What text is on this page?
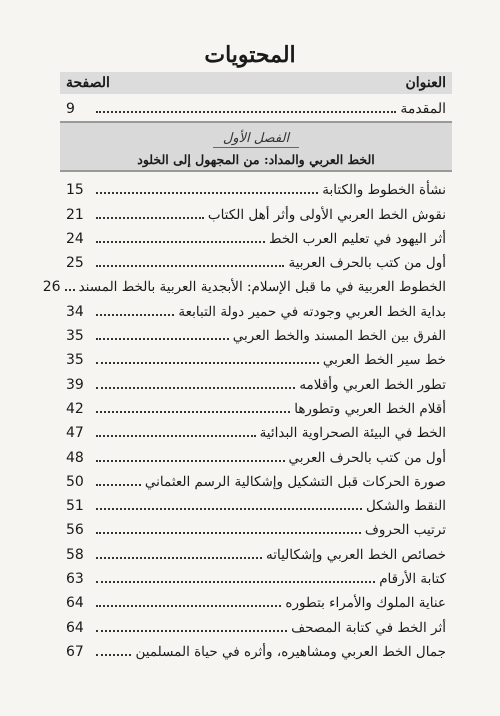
المحتويات
العنوان
الصفحة
المقدمة
9
الفصل الأول
الخط العربي والمداد: من المجهول إلى الخلود
نشأة الخطوط والكتابة
15
نقوش الخط العربي الأولى وأثر أهل الكتاب
21
أثر اليهود في تعليم العرب الخط
24
أول من كتب بالحرف العربية
25
الخطوط العربية في ما قبل الإسلام: الأبجدية العربية بالخط المسند
26
بداية الخط العربي وجودته في حمير دولة التبابعة
34
الفرق بين الخط المسند والخط العربي
35
خط سير الخط العربي
35
تطور الخط العربي وأقلامه
39
أقلام الخط العربي وتطورها
42
الخط في البيئة الصحراوية البدائية
47
أول من كتب بالحرف العربي
48
صورة الحركات قبل التشكيل وإشكالية الرسم العثماني
50
النقط والشكل
51
ترتيب الحروف
56
خصائص الخط العربي وإشكالياته
58
كتابة الأرقام
63
عناية الملوك والأمراء بتطوره
64
أثر الخط في كتابة المصحف
64
جمال الخط العربي ومشاهيره، وأثره في حياة المسلمين
67
